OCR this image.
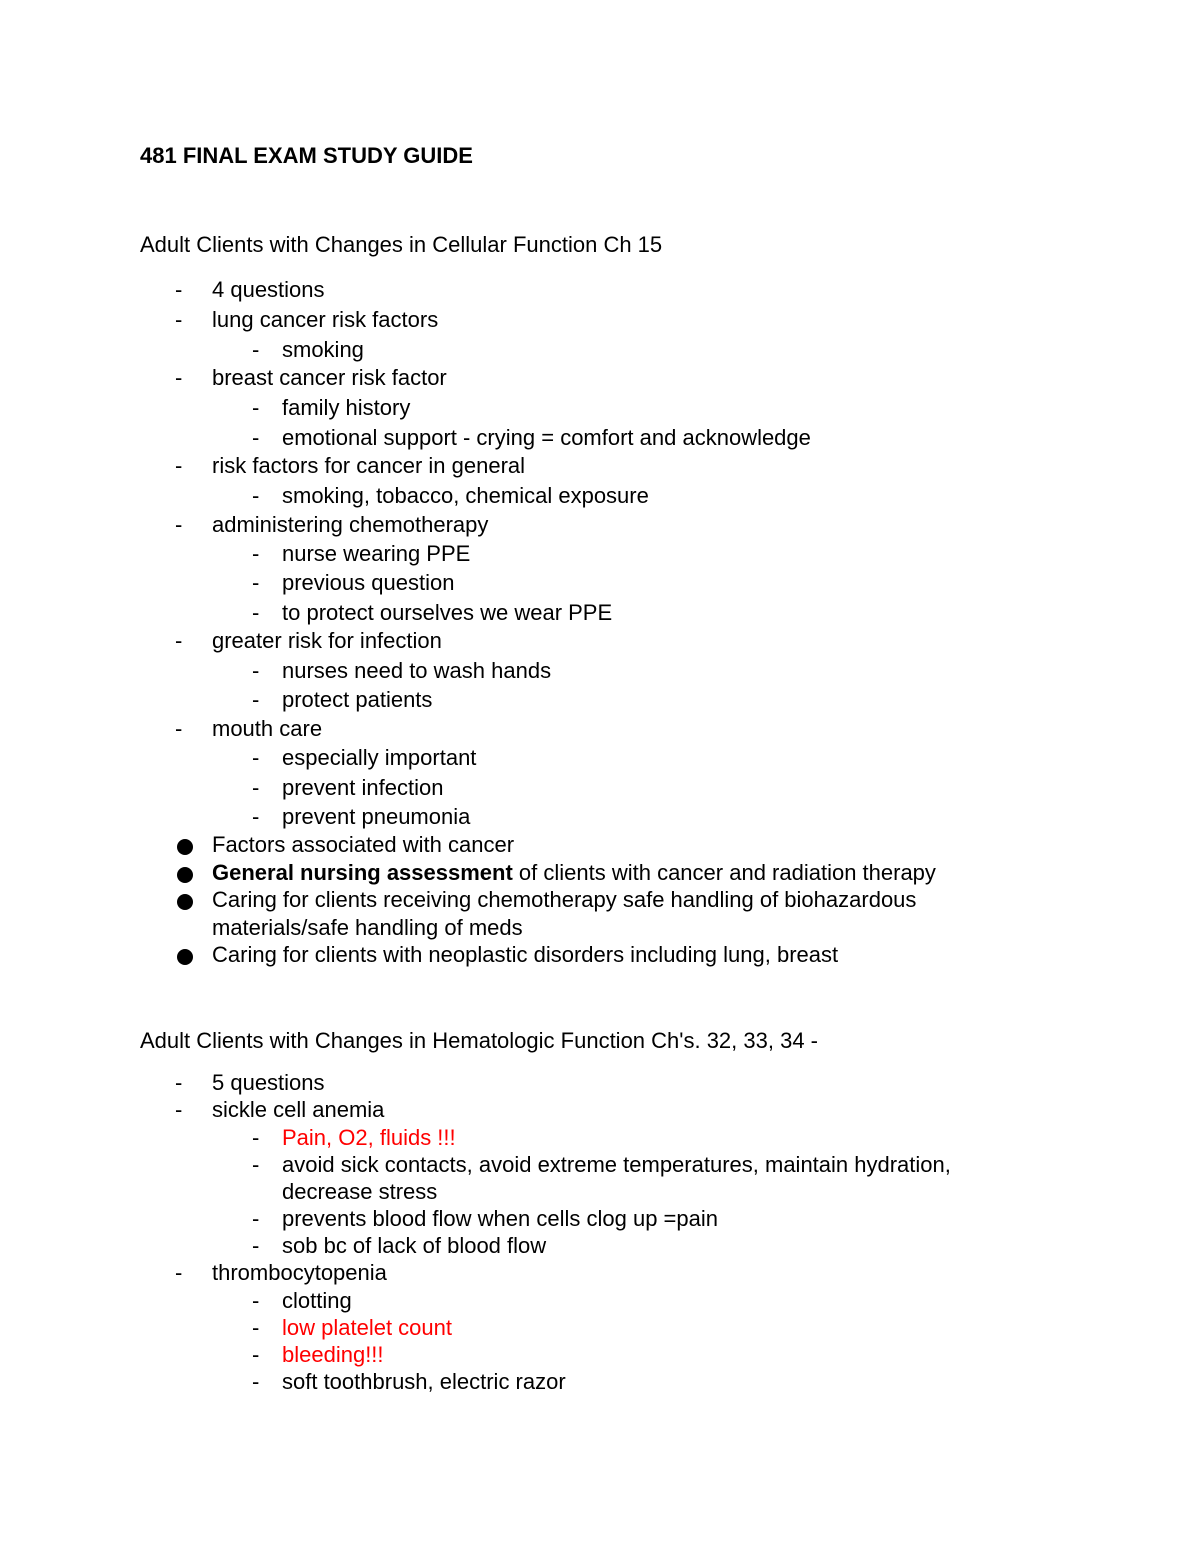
481 FINAL EXAM STUDY GUIDE

Adult Clients with Changes in Cellular Function Ch 15

- 4 questions
- lung cancer risk factors
- smoking
- breast cancer risk factor
- family history
- emotional support - crying = comfort and acknowledge
- risk factors for cancer in general
- smoking, tobacco, chemical exposure
- administering chemotherapy
- nurse wearing PPE
- previous question
- to protect ourselves we wear PPE
- greater risk for infection
- nurses need to wash hands
- protect patients
- mouth care
- especially important
- prevent infection
- prevent pneumonia
Factors associated with cancer
General nursing assessment of clients with cancer and radiation therapy
Caring for clients receiving chemotherapy safe handling of biohazardous
materials/safe handling of meds
Caring for clients with neoplastic disorders including lung, breast

Adult Clients with Changes in Hematologic Function Ch's. 32, 33, 34 -

- 5 questions
- sickle cell anemia
- Pain, O2, fluids !!!
- avoid sick contacts, avoid extreme temperatures, maintain hydration,
decrease stress
- prevents blood flow when cells clog up =pain
- sob bc of lack of blood flow
- thrombocytopenia
- clotting
- low platelet count
- bleeding!!!
- soft toothbrush, electric razor
